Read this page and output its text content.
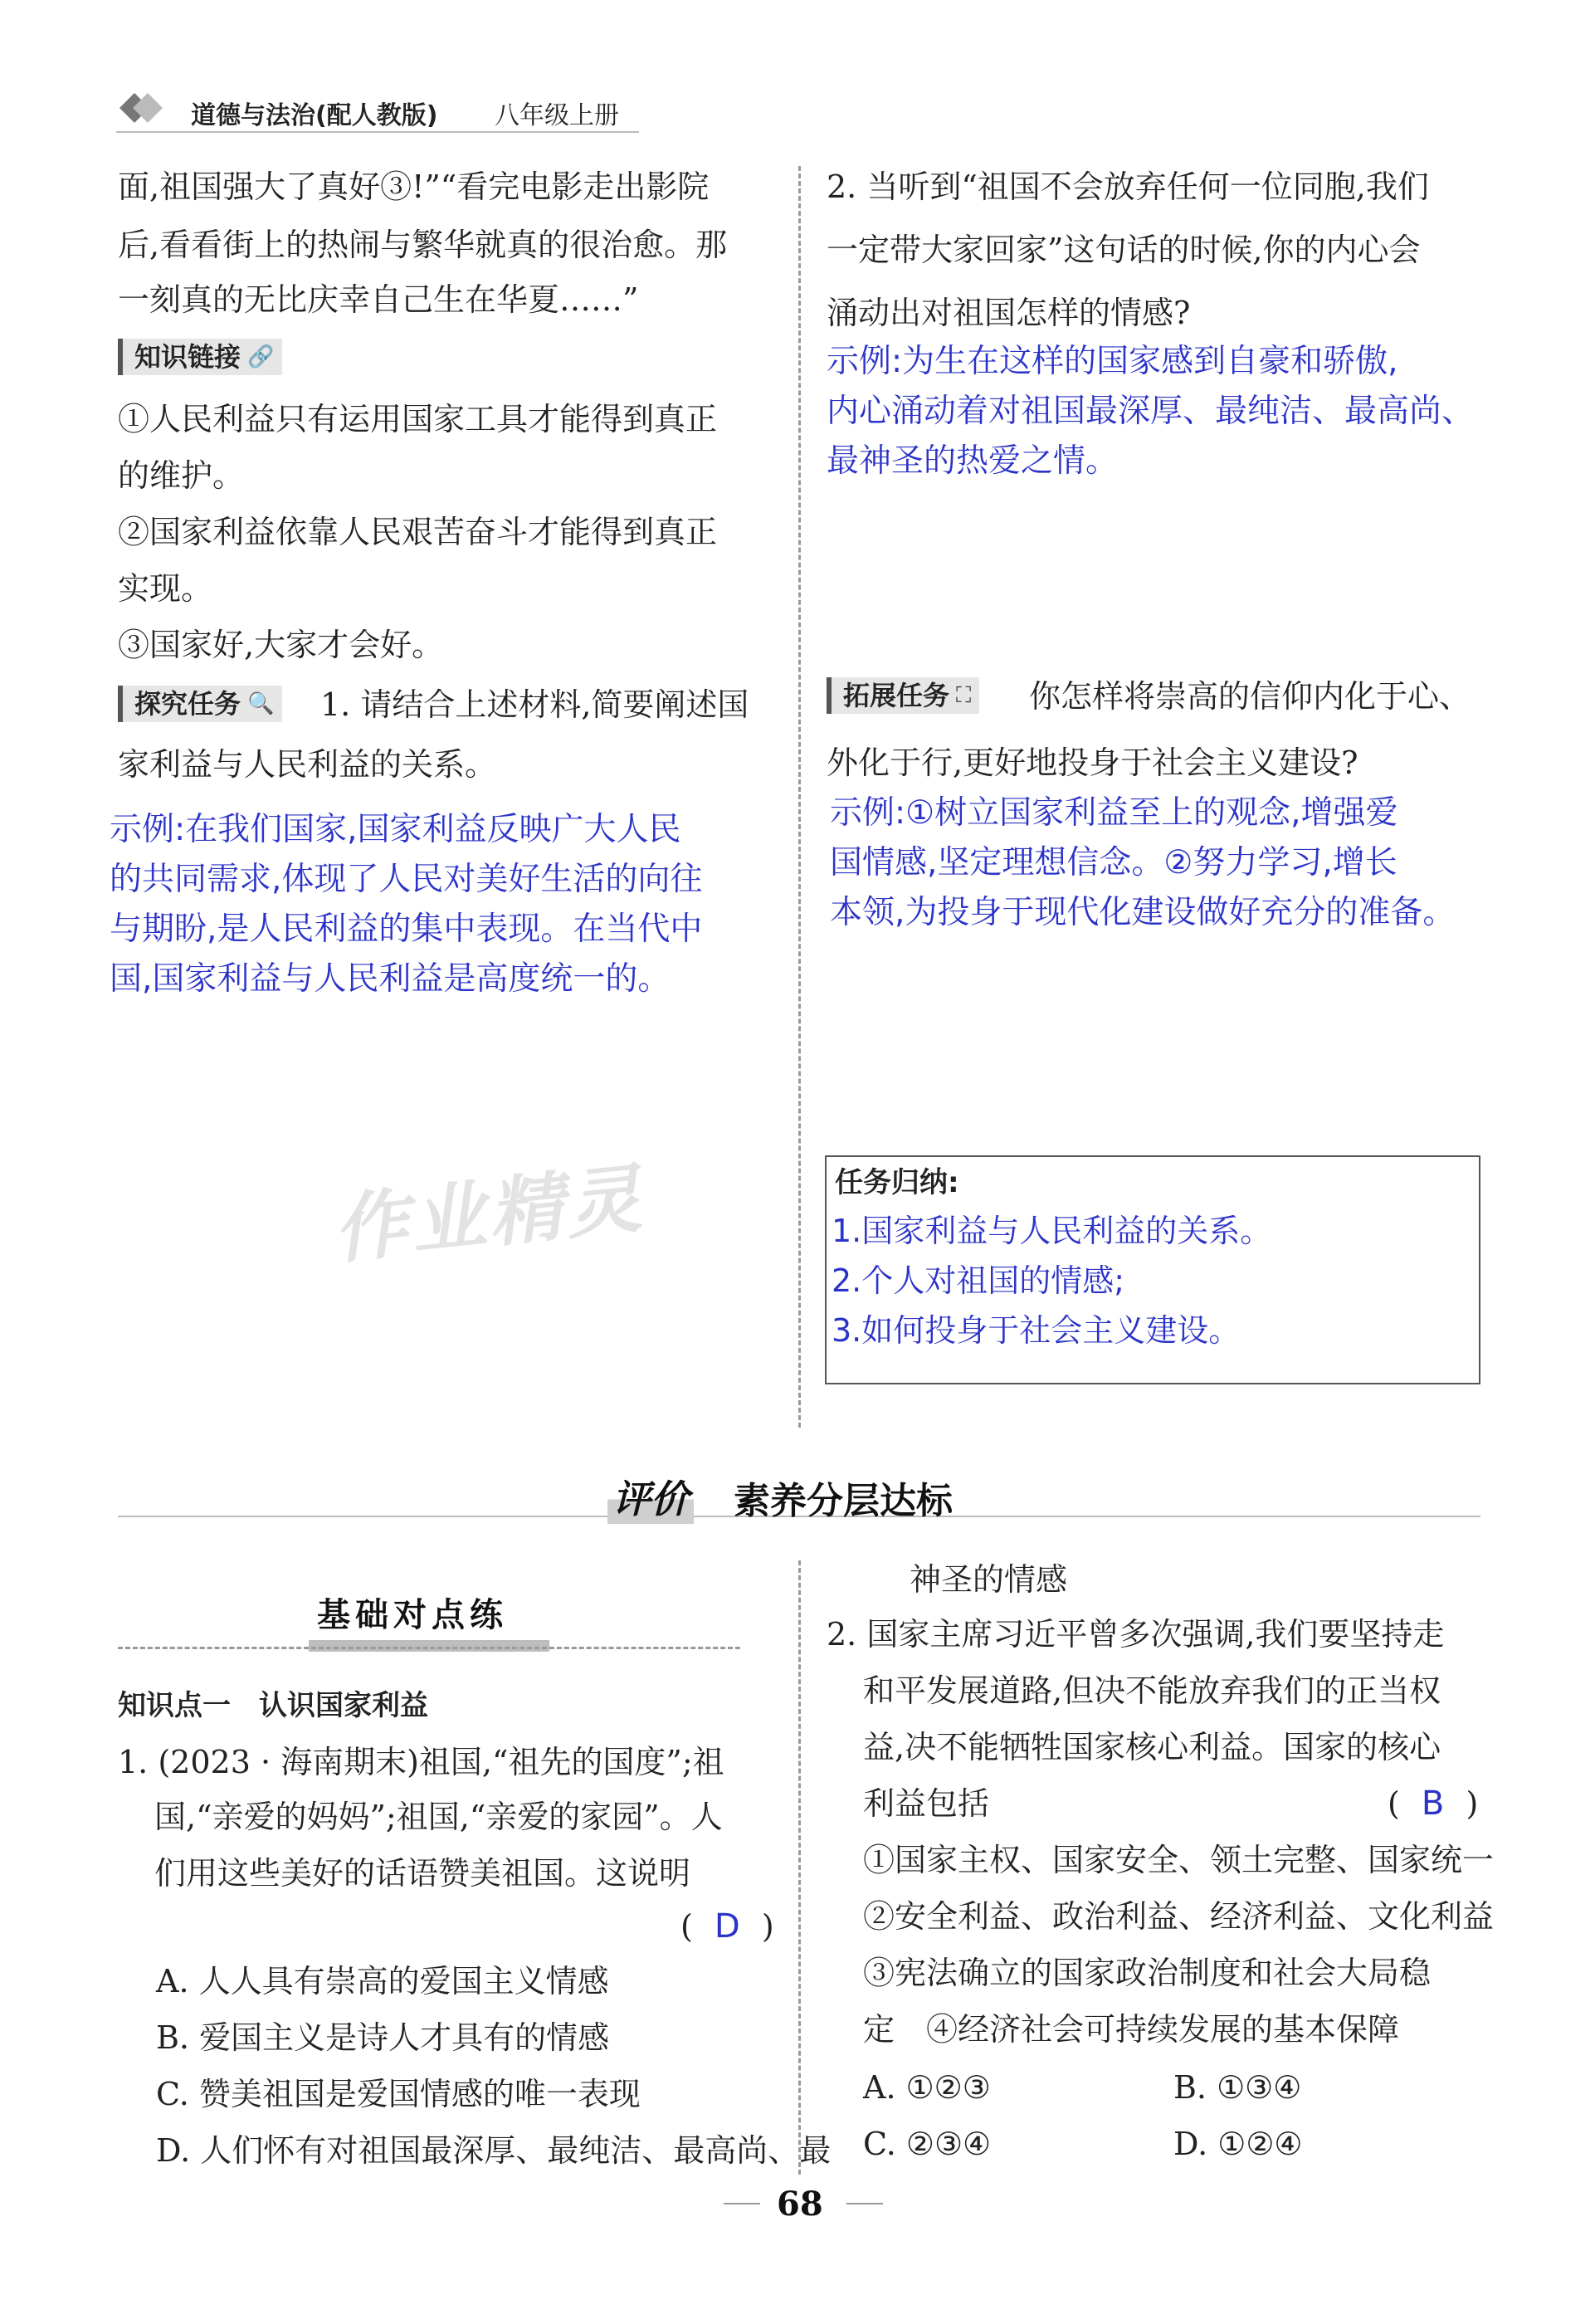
道德与法治(配人教版) 八年级上册
面,祖国强大了真好③!”“看完电影走出影院
后,看看街上的热闹与繁华就真的很治愈。那
一刻真的无比庆幸自己生在华夏……”
知识链接 🔗
①人民利益只有运用国家工具才能得到真正
的维护。
②国家利益依靠人民艰苦奋斗才能得到真正
实现。
③国家好,大家才会好。
探究任务 🔍 1. 请结合上述材料,简要阐述国
家利益与人民利益的关系。
示例:在我们国家,国家利益反映广大人民
的共同需求,体现了人民对美好生活的向往
与期盼,是人民利益的集中表现。在当代中
国,国家利益与人民利益是高度统一的。
作业精灵
2. 当听到“祖国不会放弃任何一位同胞,我们
一定带大家回家”这句话的时候,你的内心会
涌动出对祖国怎样的情感?
示例:为生在这样的国家感到自豪和骄傲,
内心涌动着对祖国最深厚、最纯洁、最高尚、
最神圣的热爱之情。
拓展任务 ⛶ 你怎样将崇高的信仰内化于心、
外化于行,更好地投身于社会主义建设?
示例:①树立国家利益至上的观念,增强爱
国情感,坚定理想信念。②努力学习,增长
本领,为投身于现代化建设做好充分的准备。
任务归纳:
1.国家利益与人民利益的关系。
2.个人对祖国的情感;
3.如何投身于社会主义建设。
评价 素养分层达标
基础对点练
知识点一　认识国家利益
1. (2023 · 海南期末)祖国,“祖先的国度”;祖
国,“亲爱的妈妈”;祖国,“亲爱的家园”。人
们用这些美好的话语赞美祖国。这说明
( D )
A. 人人具有崇高的爱国主义情感
B. 爱国主义是诗人才具有的情感
C. 赞美祖国是爱国情感的唯一表现
D. 人们怀有对祖国最深厚、最纯洁、最高尚、最
神圣的情感
2. 国家主席习近平曾多次强调,我们要坚持走
和平发展道路,但决不能放弃我们的正当权
益,决不能牺牲国家核心利益。国家的核心
利益包括	( B )
①国家主权、国家安全、领土完整、国家统一
②安全利益、政治利益、经济利益、文化利益
③宪法确立的国家政治制度和社会大局稳
定　④经济社会可持续发展的基本保障
A. ①②③	B. ①③④
C. ②③④	D. ①②④
68
